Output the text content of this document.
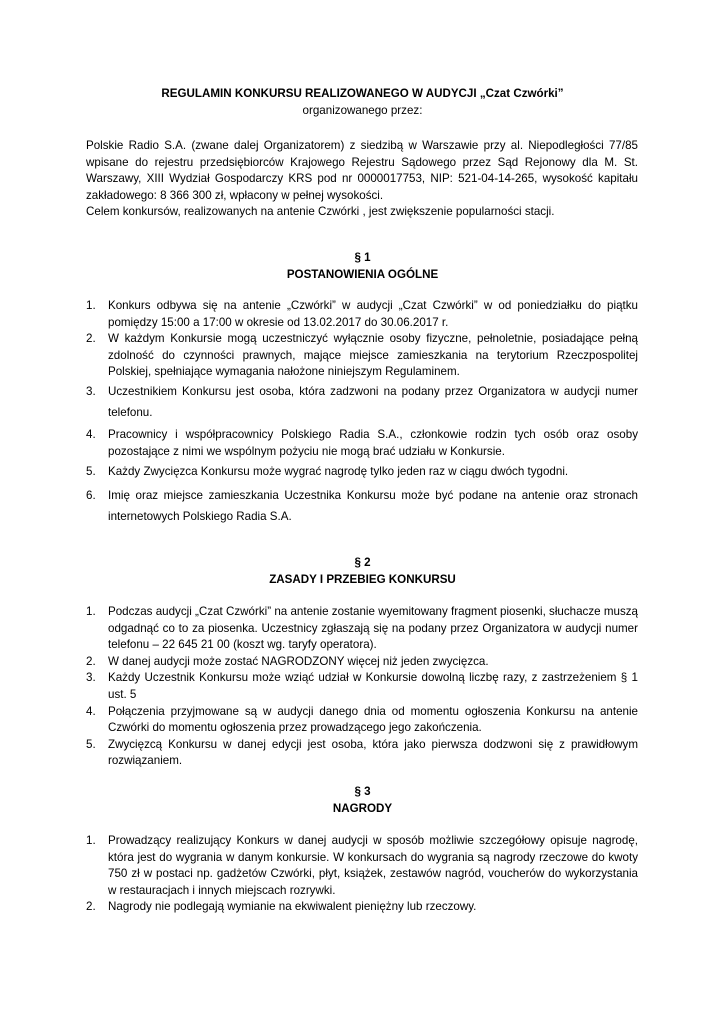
REGULAMIN KONKURSU REALIZOWANEGO W AUDYCJI „Czat Czwórki”
organizowanego przez:

Polskie Radio S.A. (zwane dalej Organizatorem) z siedzibą w Warszawie przy al. Niepodległości 77/85 wpisane do rejestru przedsiębiorców Krajowego Rejestru Sądowego przez Sąd Rejonowy dla M. St. Warszawy, XIII Wydział Gospodarczy KRS pod nr 0000017753, NIP: 521-04-14-265, wysokość kapitału zakładowego: 8 366 300 zł, wpłacony w pełnej wysokości.

Celem konkursów, realizowanych na antenie Czwórki , jest zwiększenie popularności stacji.

§ 1
POSTANOWIENIA OGÓLNE
1. Konkurs odbywa się na antenie „Czwórki” w audycji „Czat Czwórki” w od poniedziałku do piątku pomiędzy 15:00 a 17:00 w okresie od 13.02.2017 do 30.06.2017 r.
2. W każdym Konkursie mogą uczestniczyć wyłącznie osoby fizyczne, pełnoletnie, posiadające pełną zdolność do czynności prawnych, mające miejsce zamieszkania na terytorium Rzeczpospolitej Polskiej, spełniające wymagania nałożone niniejszym Regulaminem.
3. Uczestnikiem Konkursu jest osoba, która zadzwoni na podany przez Organizatora w audycji numer telefonu.
4. Pracownicy i współpracownicy Polskiego Radia S.A., członkowie rodzin tych osób oraz osoby pozostające z nimi we wspólnym pożyciu nie mogą brać udziału w Konkursie.
5. Każdy Zwycięzca Konkursu może wygrać nagrodę tylko jeden raz w ciągu dwóch tygodni.
6. Imię oraz miejsce zamieszkania Uczestnika Konkursu może być podane na antenie oraz stronach internetowych Polskiego Radia S.A.
§ 2
ZASADY I PRZEBIEG KONKURSU
1. Podczas audycji „Czat Czwórki” na antenie zostanie wyemitowany fragment piosenki, słuchacze muszą odgadnąć co to za piosenka. Uczestnicy zgłaszają się na podany przez Organizatora w audycji numer telefonu – 22 645 21 00 (koszt wg. taryfy operatora).
2. W danej audycji może zostać NAGRODZONY więcej niż jeden zwycięzca.
3. Każdy Uczestnik Konkursu może wziąć udział w Konkursie dowolną liczbę razy, z zastrzeżeniem § 1 ust. 5
4. Połączenia przyjmowane są w audycji danego dnia od momentu ogłoszenia Konkursu na antenie Czwórki do momentu ogłoszenia przez prowadzącego jego zakończenia.
5. Zwycięzcą Konkursu w danej edycji jest osoba, która jako pierwsza dodzwoni się z prawidłowym rozwiązaniem.
§ 3
NAGRODY
1. Prowadzący realizujący Konkurs w danej audycji w sposób możliwie szczegółowy opisuje nagrodę, która jest do wygrania w danym konkursie. W konkursach do wygrania są nagrody rzeczowe do kwoty 750 zł w postaci np. gadżetów Czwórki, płyt, książek, zestawów nagród, voucherów do wykorzystania w restauracjach i innych miejscach rozrywki.
2. Nagrody nie podlegają wymianie na ekwiwalent pieniężny lub rzeczowy.
